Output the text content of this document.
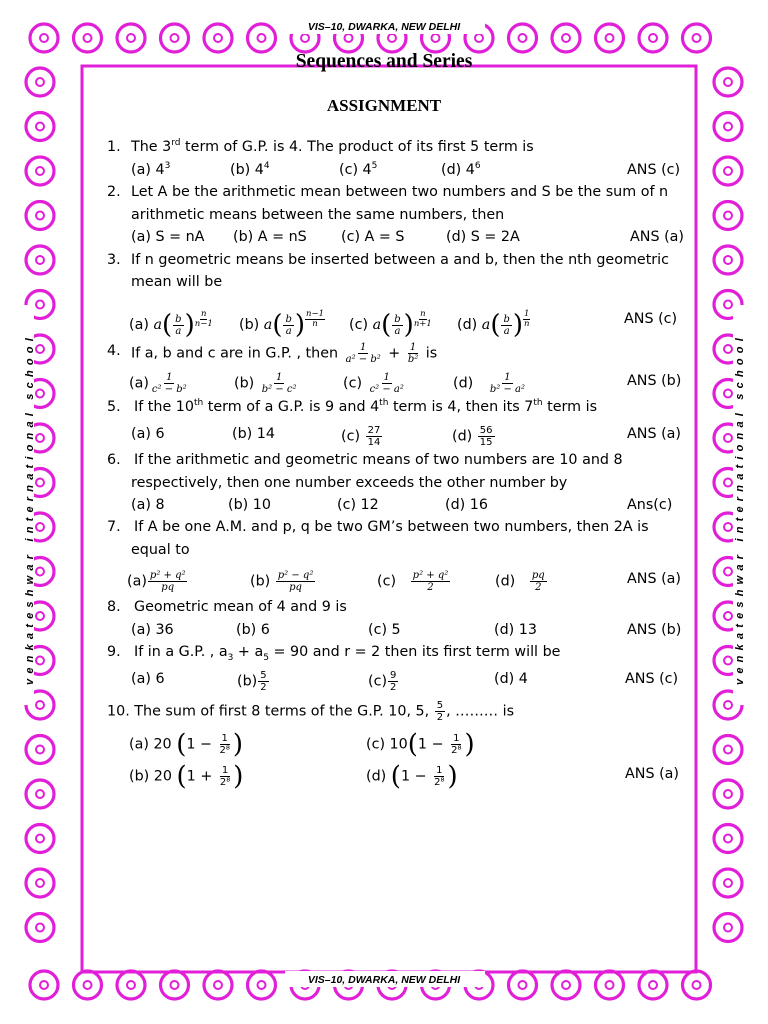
VIS–10, DWARKA, NEW DELHI
VIS–10, DWARKA, NEW DELHI
venkateshwar international school	venkateshwar international school
Sequences and Series
ASSIGNMENT
1. The 3rd term of G.P. is 4. The product of its first 5 term is
(a) $4^3$	(b) $4^4$	(c) $4^5$	(d) $4^6$	ANS (c)
2. Let A be the arithmetic mean between two numbers and S be the sum of n
arithmetic means between the same numbers, then
(a) S = nA (b) A = nS (c) A = S	(d) S = 2A	ANS (a)
3. If n geometric means be inserted between a and b, then the nth geometric
mean will be
(a) $a( \frac{b}{a}$ ) $\frac{n}{n-1} (b)$ $a( \frac{b}{a}$ ) $\frac{n-1}{n} (c)$ $a( \frac{b}{a}$ ) $\frac{n}{n+1} (d)$ $a( \frac{b}{a}$ ) $\frac{1}{n}$	ANS (c)
4. If a, b and c are in G.P. , then $\frac{1}{\text{a² − b²}} + \frac{1}{\text{b²}}$ is
$(a) \frac{1}{\text{c² − b²}}$	$(b) \frac{1}{\text{b² − c²}}$	$(c) \frac{1}{\text{c² − a²}}$	$(d) \frac{1}{\text{b² − a²}}$	ANS (b)
5. If the 10th term of a G.P. is 9 and 4th term is 4, then its 7th term is
(a) 6	(b) 14	$(c) \frac{27}{14}$	$(d) \frac{56}{15}$	ANS (a)
6. If the arithmetic and geometric means of two numbers are 10 and 8
respectively, then one number exceeds the other number by
(a) 8	(b) 10	(c) 12	(d) 16	Ans(c)
7. If A be one A.M. and p, q be two GM’s between two numbers, then 2A is
equal to
$(a) \frac{\text{p² + q²}}{pq}$	$(b) \frac{\text{p² − q²}}{pq}$	$(c) \frac{\text{p² + q²}}{2}$	$(d) \frac{pq}{2}$	ANS (a)
8. Geometric mean of 4 and 9 is
(a) 36	(b) 6	(c) 5	(d) 13	ANS (b)
9. If in a G.P. , $a_3 + a_5 = 90$ and r = 2 then its first term will be
(a) 6	$(b) \frac{5}{2}$	$(c) \frac{9}{2}$	(d) 4	ANS (c)
10. The sum of first 8 terms of the G.P. 10, 5, $\frac{5}{2}$ , ……… is
(a) 20 ($1 - \frac{1}{\text{2⁸}}$ )	(c) $10(1 - \frac{1}{\text{2⁸}}$ )
(b) 20 ($1 + \frac{1}{\text{2⁸}}$ )	(d) ($1 - \frac{1}{\text{2⁸}}$ )	ANS (a)
